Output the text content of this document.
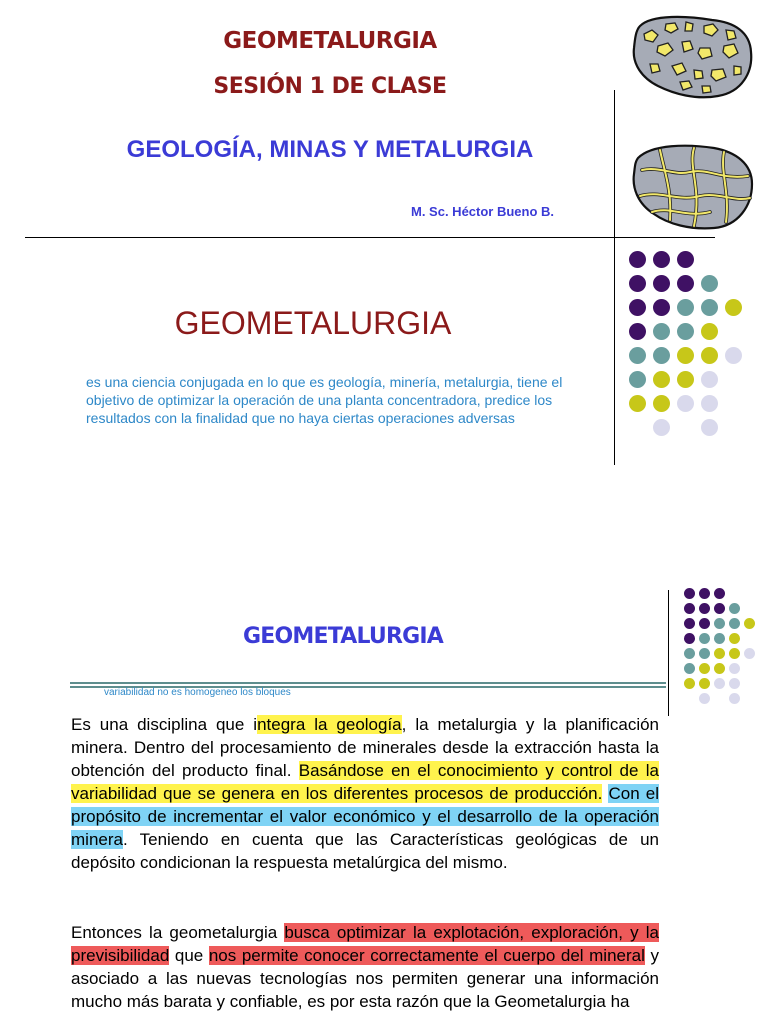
GEOMETALURGIA
SESIÓN 1 DE CLASE
GEOLOGÍA, MINAS Y METALURGIA
M. Sc. Héctor Bueno B.
GEOMETALURGIA
es una ciencia conjugada en lo que es geología, minería, metalurgia, tiene el objetivo de optimizar la operación de una planta concentradora, predice los resultados con la finalidad que no haya ciertas operaciones adversas
GEOMETALURGIA
variabilidad no es homogeneo los bloques
Es una disciplina que integra la geología, la metalurgia y la planificación minera. Dentro del procesamiento de minerales desde la extracción hasta la obtención del producto final. Basándose en el conocimiento y control de la variabilidad que se genera en los diferentes procesos de producción. Con el propósito de incrementar el valor económico y el desarrollo de la operación minera. Teniendo en cuenta que las Características geológicas de un depósito condicionan la respuesta metalúrgica del mismo.
Entonces la geometalurgia busca optimizar la explotación, exploración, y la previsibilidad que nos permite conocer correctamente el cuerpo del mineral y asociado a las nuevas tecnologías nos permiten generar una información mucho más barata y confiable, es por esta razón que la Geometalurgia ha
